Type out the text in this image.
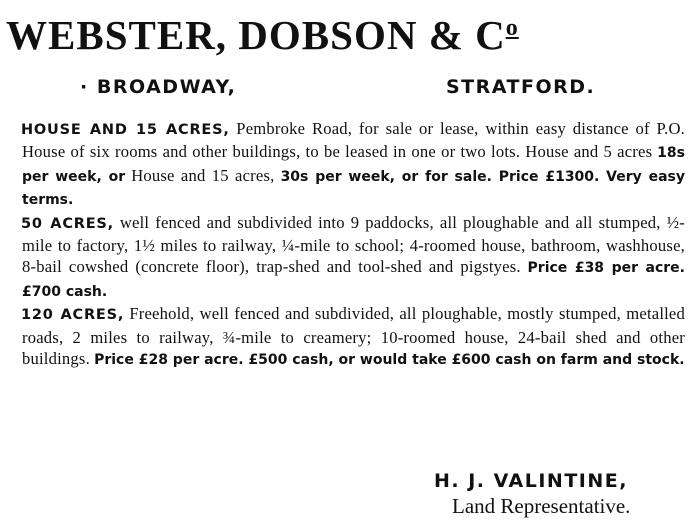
WEBSTER, DOBSON & $C^o$
· BROADWAY,	STRATFORD.

HOUSE AND 15 ACRES, Pembroke Road, for sale or lease, within easy distance of P.O. House of six rooms and other buildings, to be leased in one or two lots. House and 5 acres 18s per week, or House and 15 acres, 30s per week, or for sale. Price £1300. Very easy terms.

50 ACRES, well fenced and subdivided into 9 paddocks, all ploughable and all stumped, ½-mile to factory, 1½ miles to railway, ¼-mile to school; 4-roomed house, bathroom, washhouse, 8-bail cowshed (concrete floor), trap-shed and tool-shed and pigstyes. Price £38 per acre. £700 cash.

120 ACRES, Freehold, well fenced and subdivided, all ploughable, mostly stumped, metalled roads, 2 miles to railway, ¾-mile to creamery; 10-roomed house, 24-bail shed and other buildings. Price £28 per acre. £500 cash, or would take £600 cash on farm and stock.

H. J. VALINTINE,
Land Representative.
